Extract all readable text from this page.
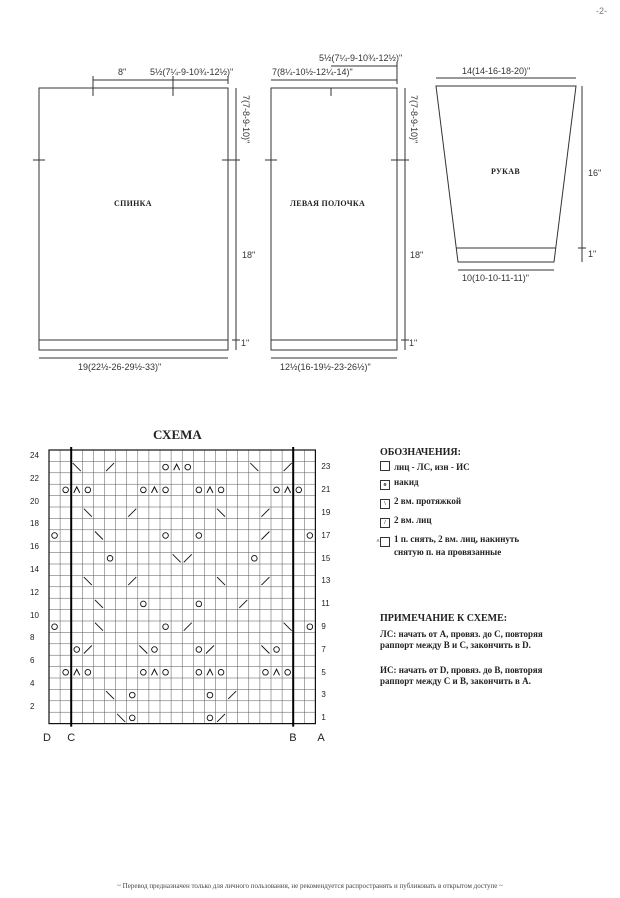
-2-
8"	5½(7¼-9-10¾-12½)"
СПИНКА
7(7-8-9-10)"
18"
1"
19(22½-26-29½-33)"
5½(7¼-9-10¾-12½)"
7(8¼-10½-12¼-14)"
ЛЕВАЯ ПОЛОЧКА
7(7-8-9-10)"
18"
1"
12½(16-19½-23-26½)"
14(14-16-18-20)"
РУКАВ	16"
1"
10(10-10-11-11)"
СХЕМА
24
22
20
18
16
14
12
10
8
6
4
2
23
21
19
17
15
13
11
9
7
5
3
1
D C	B A
ОБОЗНАЧЕНИЯ:
лиц - ЛС, изн - ИС
o накид
\ 2 вм. протяжкой
/ 2 вм. лиц
^ 1 п. снять, 2 вм. лиц, накинуть снятую п. на провязанные
ПРИМЕЧАНИЕ К СХЕМЕ:
ЛС: начать от А, провяз. до С, повторяя раппорт между В и С, закончить в D.
ИС: начать от D, провяз. до В, повторяя раппорт между С и В, закончить в А.
~ Перевод предназначен только для личного пользования, не рекомендуется распространять и публиковать в открытом доступе ~
